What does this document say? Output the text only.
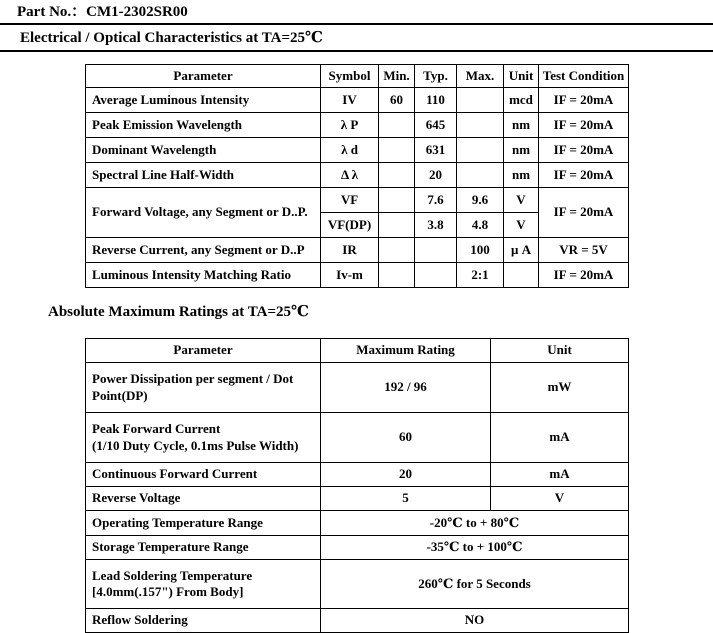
Part No.：CM1-2302SR00
Electrical / Optical Characteristics at TA=25℃
Parameter	Symbol	Min.	Typ.	Max.	Unit	Test Condition
Average Luminous Intensity	IV	60	110		mcd	IF = 20mA
Peak Emission Wavelength	λ P		645		nm	IF = 20mA
Dominant Wavelength	λ d		631		nm	IF = 20mA
Spectral Line Half-Width	Δ λ		20		nm	IF = 20mA
Forward Voltage, any Segment or D..P.	VF		7.6	9.6	V	IF = 20mA
	VF(DP)		3.8	4.8	V	
Reverse Current, any Segment or D..P	IR			100	μ A	VR = 5V
Luminous Intensity Matching Ratio	Iv-m			2:1		IF = 20mA
Absolute Maximum Ratings at TA=25℃
Parameter	Maximum Rating	Unit

Power Dissipation per segment / Dot
Point(DP)	192 / 96	mW

Peak Forward Current
(1/10 Duty Cycle, 0.1ms Pulse Width)	60	mA
Continuous Forward Current	20	mA
Reverse Voltage	5	V
Operating Temperature Range	-20℃ to + 80℃	
Storage Temperature Range	-35℃ to + 100℃	

Lead Soldering Temperature
[4.0mm(.157") From Body]	260℃ for 5 Seconds	
Reflow Soldering	NO	
